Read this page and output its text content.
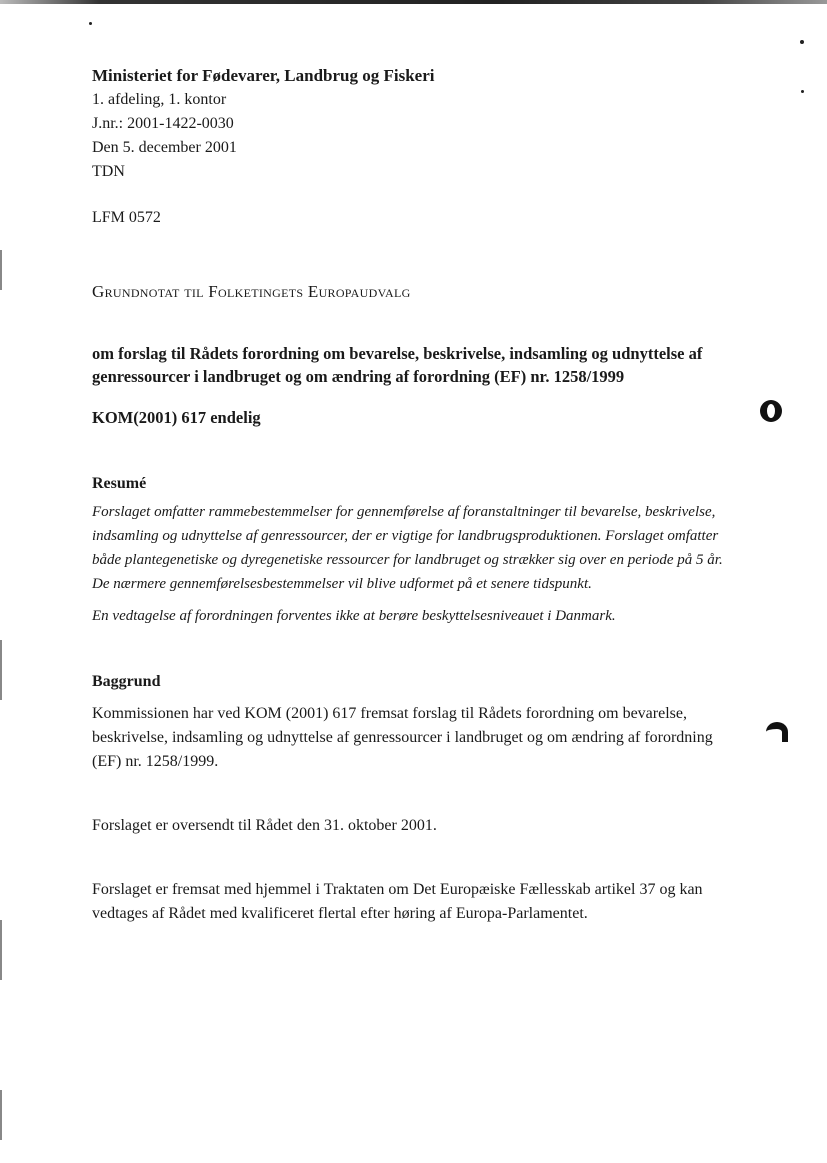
Ministeriet for Fødevarer, Landbrug og Fiskeri

1. afdeling, 1. kontor

J.nr.: 2001-1422-0030

Den 5. december 2001

TDN

LFM 0572
Grundnotat til Folketingets Europaudvalg
om forslag til Rådets forordning om bevarelse, beskrivelse, indsamling og udnyttelse af genressourcer i landbruget og om ændring af forordning (EF) nr. 1258/1999
KOM(2001) 617 endelig

Resumé

Forslaget omfatter rammebestemmelser for gennemførelse af foranstaltninger til bevarelse, beskrivelse, indsamling og udnyttelse af genressourcer, der er vigtige for landbrugsproduktionen. Forslaget omfatter både plantegenetiske og dyregenetiske ressourcer for landbruget og strækker sig over en periode på 5 år. De nærmere gennemførelsesbestemmelser vil blive udformet på et senere tidspunkt.

En vedtagelse af forordningen forventes ikke at berøre beskyttelsesniveauet i Danmark.

Baggrund

Kommissionen har ved KOM (2001) 617 fremsat forslag til Rådets forordning om bevarelse, beskrivelse, indsamling og udnyttelse af genressourcer i landbruget og om ændring af forordning (EF) nr. 1258/1999.

Forslaget er oversendt til Rådet den 31. oktober 2001.

Forslaget er fremsat med hjemmel i Traktaten om Det Europæiske Fællesskab artikel 37 og kan vedtages af Rådet med kvalificeret flertal efter høring af Europa-Parlamentet.
